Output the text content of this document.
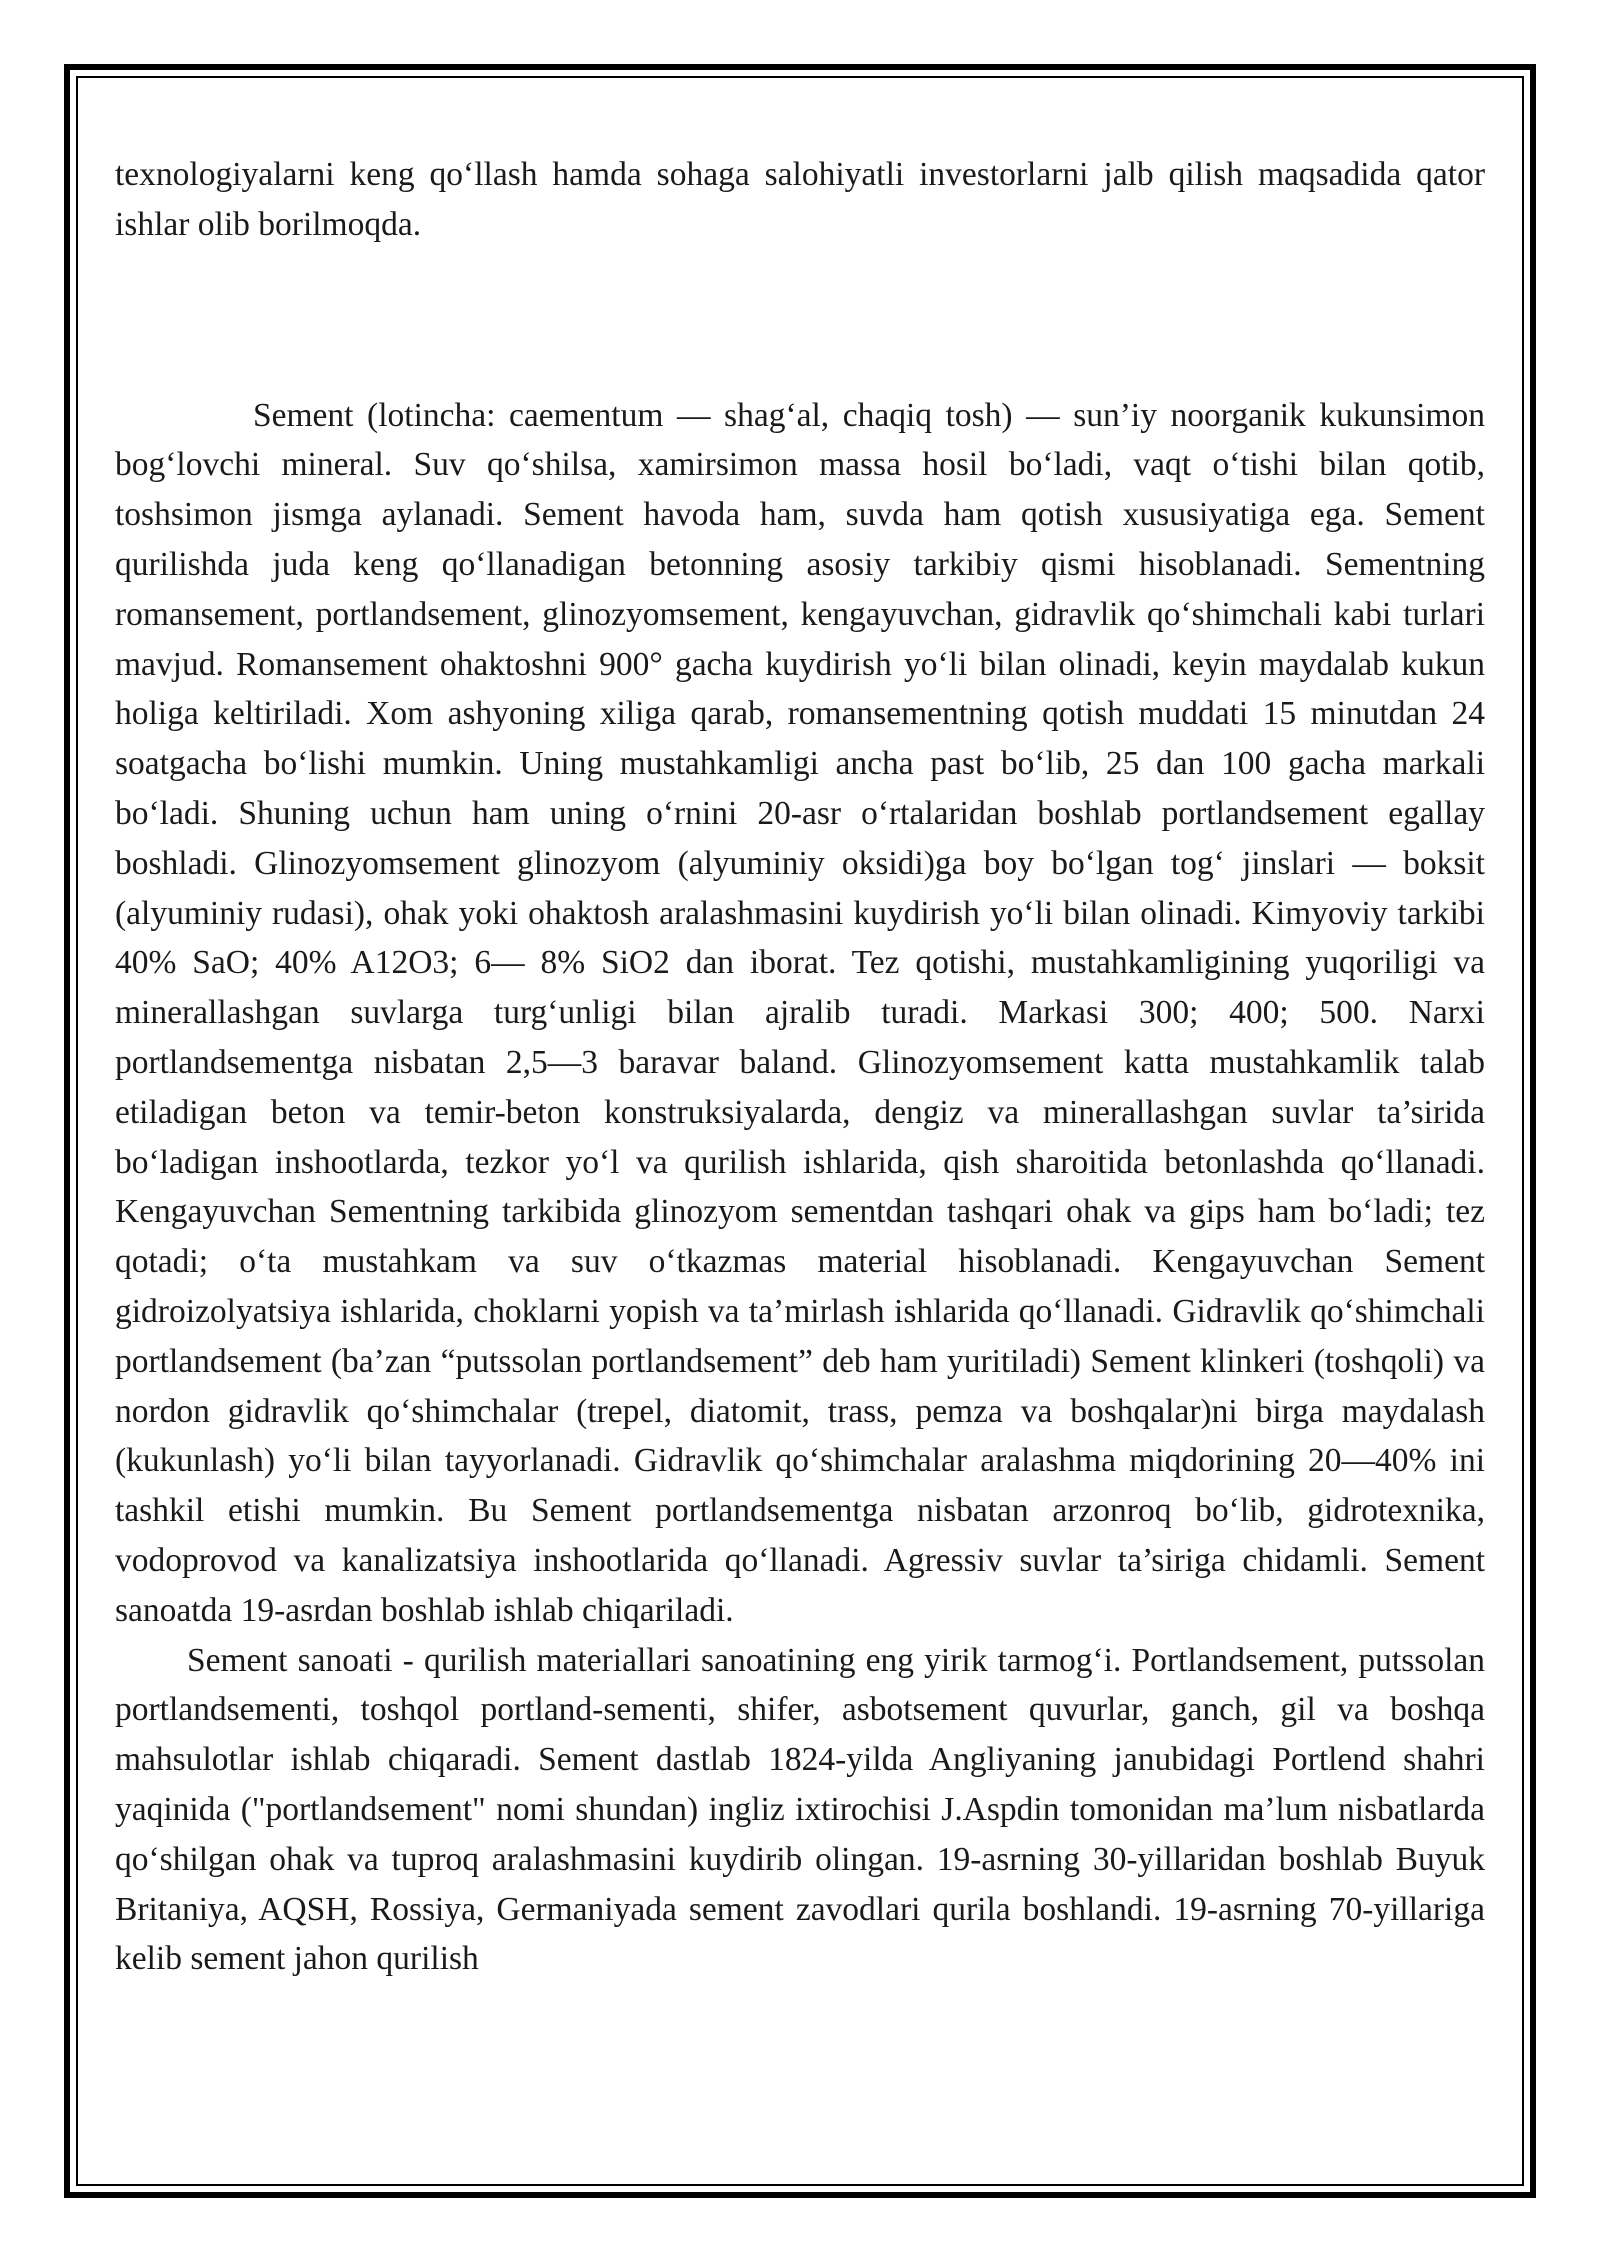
texnologiyalarni keng qo‘llash hamda sohaga salohiyatli investorlarni jalb qilish maqsadida qator ishlar olib borilmoqda.

Sement (lotincha: caementum — shag‘al, chaqiq tosh) — sun’iy noorganik kukunsimon bog‘lovchi mineral. Suv qo‘shilsa, xamirsimon massa hosil bo‘ladi, vaqt o‘tishi bilan qotib, toshsimon jismga aylanadi. Sement havoda ham, suvda ham qotish xususiyatiga ega. Sement qurilishda juda keng qo‘llanadigan betonning asosiy tarkibiy qismi hisoblanadi. Sementning romansement, portlandsement, glinozyomsement, kengayuvchan, gidravlik qo‘shimchali kabi turlari mavjud. Romansement ohaktoshni 900° gacha kuydirish yo‘li bilan olinadi, keyin maydalab kukun holiga keltiriladi. Xom ashyoning xiliga qarab, romansementning qotish muddati 15 minutdan 24 soatgacha bo‘lishi mumkin. Uning mustahkamligi ancha past bo‘lib, 25 dan 100 gacha markali bo‘ladi. Shuning uchun ham uning o‘rnini 20-asr o‘rtalaridan boshlab portlandsement egallay boshladi. Glinozyomsement glinozyom (alyuminiy oksidi)ga boy bo‘lgan tog‘ jinslari — boksit (alyuminiy rudasi), ohak yoki ohaktosh aralashmasini kuydirish yo‘li bilan olinadi. Kimyoviy tarkibi 40% SaO; 40% A12O3; 6— 8% SiO2 dan iborat. Tez qotishi, mustahkamligining yuqoriligi va minerallashgan suvlarga turg‘unligi bilan ajralib turadi. Markasi 300; 400; 500. Narxi portlandsementga nisbatan 2,5—3 baravar baland. Glinozyomsement katta mustahkamlik talab etiladigan beton va temir-beton konstruksiyalarda, dengiz va minerallashgan suvlar ta’sirida bo‘ladigan inshootlarda, tezkor yo‘l va qurilish ishlarida, qish sharoitida betonlashda qo‘llanadi. Kengayuvchan Sementning tarkibida glinozyom sementdan tashqari ohak va gips ham bo‘ladi; tez qotadi; o‘ta mustahkam va suv o‘tkazmas material hisoblanadi. Kengayuvchan Sement gidroizolyatsiya ishlarida, choklarni yopish va ta’mirlash ishlarida qo‘llanadi. Gidravlik qo‘shimchali portlandsement (ba’zan “putssolan portlandsement” deb ham yuritiladi) Sement klinkeri (toshqoli) va nordon gidravlik qo‘shimchalar (trepel, diatomit, trass, pemza va boshqalar)ni birga maydalash (kukunlash) yo‘li bilan tayyorlanadi. Gidravlik qo‘shimchalar aralashma miqdorining 20—40% ini tashkil etishi mumkin. Bu Sement portlandsementga nisbatan arzonroq bo‘lib, gidrotexnika, vodoprovod va kanalizatsiya inshootlarida qo‘llanadi. Agressiv suvlar ta’siriga chidamli. Sement sanoatda 19-asrdan boshlab ishlab chiqariladi.

Sement sanoati - qurilish materiallari sanoatining eng yirik tarmog‘i. Portlandsement, putssolan portlandsementi, toshqol portland-sementi, shifer, asbotsement quvurlar, ganch, gil va boshqa mahsulotlar ishlab chiqaradi. Sement dastlab 1824-yilda Angliyaning janubidagi Portlend shahri yaqinida ("portlandsement" nomi shundan) ingliz ixtirochisi J.Aspdin tomonidan ma’lum nisbatlarda qo‘shilgan ohak va tuproq aralashmasini kuydirib olingan. 19-asrning 30-yillaridan boshlab Buyuk Britaniya, AQSH, Rossiya, Germaniyada sement zavodlari qurila boshlandi. 19-asrning 70-yillariga kelib sement jahon qurilish
